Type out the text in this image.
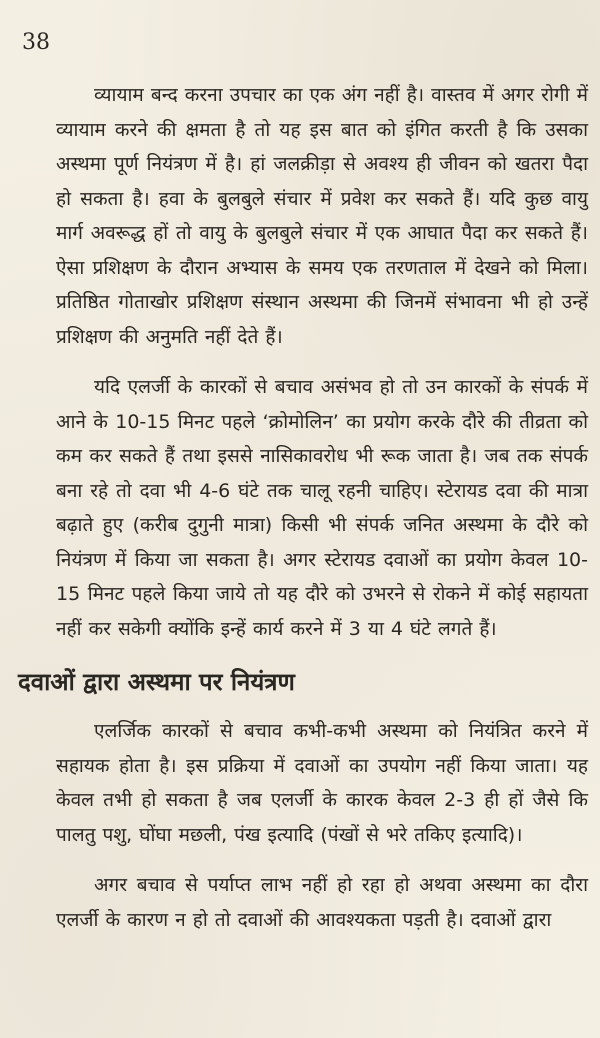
38

व्यायाम बन्द करना उपचार का एक अंग नहीं है। वास्तव में अगर रोगी में व्यायाम करने की क्षमता है तो यह इस बात को इंगित करती है कि उसका अस्थमा पूर्ण नियंत्रण में है। हां जलक्रीड़ा से अवश्य ही जीवन को खतरा पैदा हो सकता है। हवा के बुलबुले संचार में प्रवेश कर सकते हैं। यदि कुछ वायु मार्ग अवरूद्ध हों तो वायु के बुलबुले संचार में एक आघात पैदा कर सकते हैं। ऐसा प्रशिक्षण के दौरान अभ्यास के समय एक तरणताल में देखने को मिला। प्रतिष्ठित गोताखोर प्रशिक्षण संस्थान अस्थमा की जिनमें संभावना भी हो उन्हें प्रशिक्षण की अनुमति नहीं देते हैं।

यदि एलर्जी के कारकों से बचाव असंभव हो तो उन कारकों के संपर्क में आने के 10-15 मिनट पहले ‘क्रोमोलिन’ का प्रयोग करके दौरे की तीव्रता को कम कर सकते हैं तथा इससे नासिकावरोध भी रूक जाता है। जब तक संपर्क बना रहे तो दवा भी 4-6 घंटे तक चालू रहनी चाहिए। स्टेरायड दवा की मात्रा बढ़ाते हुए (करीब दुगुनी मात्रा) किसी भी संपर्क जनित अस्थमा के दौरे को नियंत्रण में किया जा सकता है। अगर स्टेरायड दवाओं का प्रयोग केवल 10-15 मिनट पहले किया जाये तो यह दौरे को उभरने से रोकने में कोई सहायता नहीं कर सकेगी क्योंकि इन्हें कार्य करने में 3 या 4 घंटे लगते हैं।

दवाओं द्वारा अस्थमा पर नियंत्रण

एलर्जिक कारकों से बचाव कभी-कभी अस्थमा को नियंत्रित करने में सहायक होता है। इस प्रक्रिया में दवाओं का उपयोग नहीं किया जाता। यह केवल तभी हो सकता है जब एलर्जी के कारक केवल 2-3 ही हों जैसे कि पालतु पशु, घोंघा मछली, पंख इत्यादि (पंखों से भरे तकिए इत्यादि)।

अगर बचाव से पर्याप्त लाभ नहीं हो रहा हो अथवा अस्थमा का दौरा एलर्जी के कारण न हो तो दवाओं की आवश्यकता पड़ती है। दवाओं द्वारा
